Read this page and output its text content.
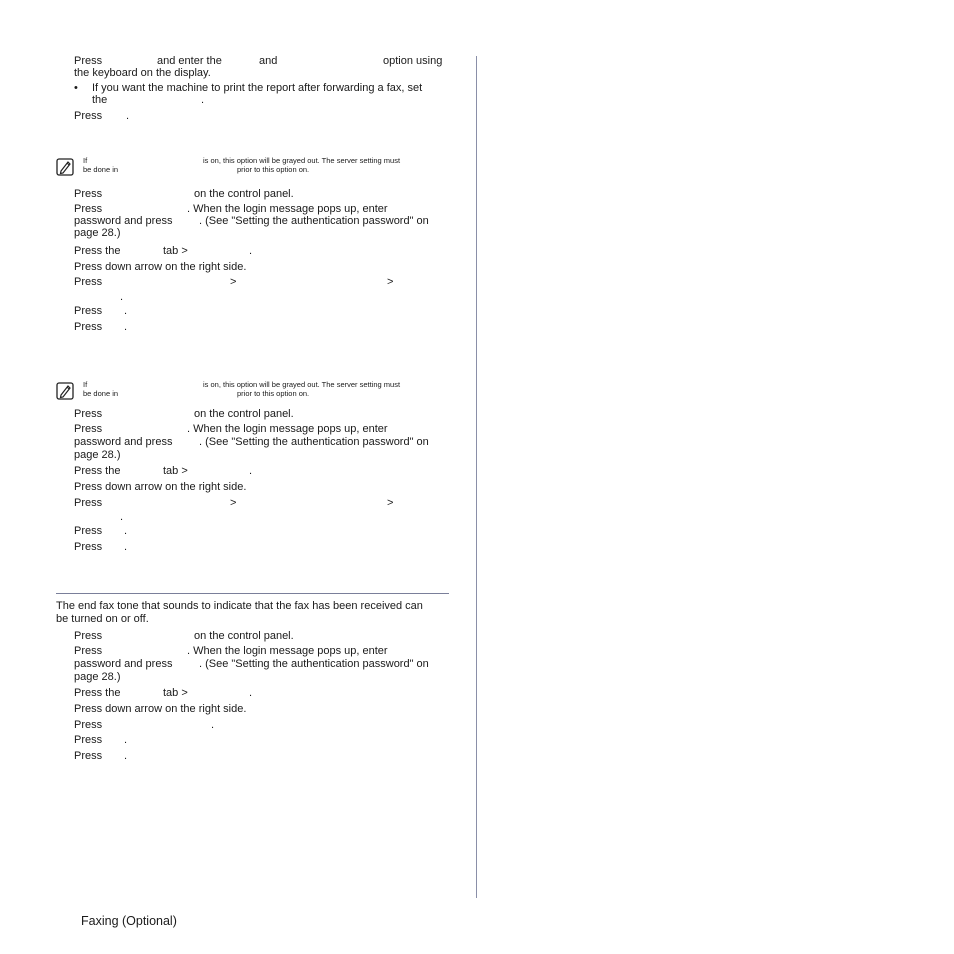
Press	and enter the	and	option using
the keyboard on the display.
• If you want the machine to print the report after forwarding a fax, set
the	.
Press .
If	is on, this option will be grayed out. The server setting must
be done in	prior to this option on.
Press	on the control panel.
Press	. When the login message pops up, enter
password and press . (See "Setting the authentication password" on
page 28.)
Press the	tab >	.
Press down arrow on the right side.
Press	>	>
.
Press .
Press .
If	is on, this option will be grayed out. The server setting must
be done in	prior to this option on.
Press	on the control panel.
Press	. When the login message pops up, enter
password and press . (See "Setting the authentication password" on
page 28.)
Press the	tab >	.
Press down arrow on the right side.
Press	>	>
.
Press .
Press .
The end fax tone that sounds to indicate that the fax has been received can
be turned on or off.
Press	on the control panel.
Press	. When the login message pops up, enter
password and press . (See "Setting the authentication password" on
page 28.)
Press the	tab >	.
Press down arrow on the right side.
Press	.
Press .
Press .
Faxing (Optional)
